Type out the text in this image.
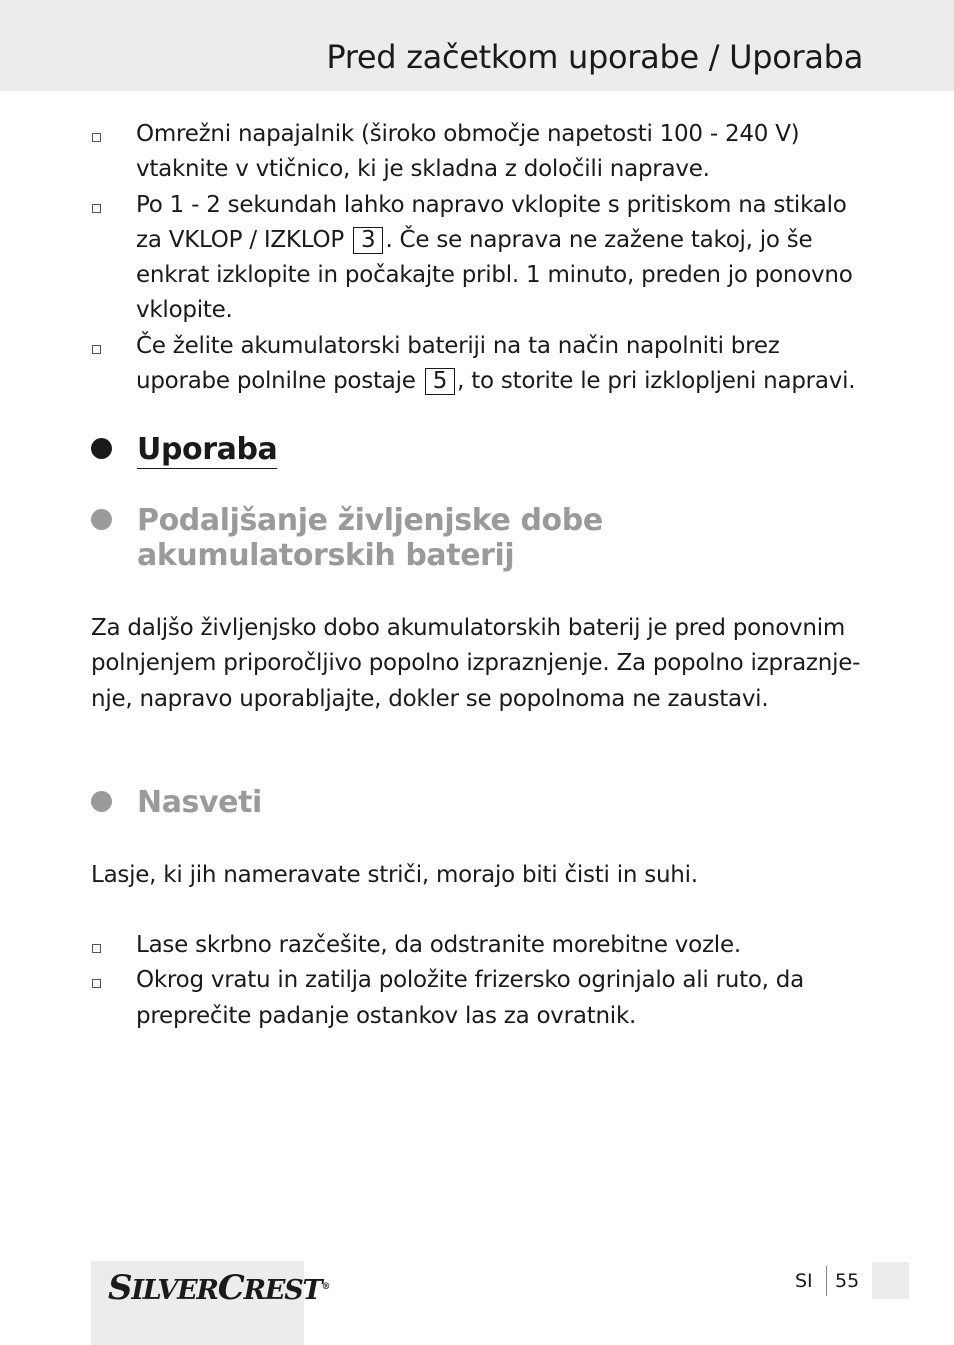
Pred začetkom uporabe / Uporaba
Omrežni napajalnik (široko območje napetosti 100 - 240 V) vtaknite v vtičnico, ki je skladna z določili naprave.
Po 1 - 2 sekundah lahko napravo vklopite s pritiskom na stikalo za VKLOP / IZKLOP 3 . Če se naprava ne zažene takoj, jo še enkrat izklopite in počakajte pribl. 1 minuto, preden jo ponovno vklopite.
Če želite akumulatorski bateriji na ta način napolniti brez uporabe polnilne postaje 5 , to storite le pri izklopljeni napravi.
Uporaba
Podaljšanje življenjske dobe
akumulatorskih baterij
Za daljšo življenjsko dobo akumulatorskih baterij je pred ponovnim polnjenjem priporočljivo popolno izpraznjenje. Za popolno izpraznje-nje, napravo uporabljajte, dokler se popolnoma ne zaustavi.
Nasveti
Lasje, ki jih nameravate striči, morajo biti čisti in suhi.
Lase skrbno razčešite, da odstranite morebitne vozle.
Okrog vratu in zatilja položite frizersko ogrinjalo ali ruto, da preprečite padanje ostankov las za ovratnik.
SILVERCREST®	SI 55
